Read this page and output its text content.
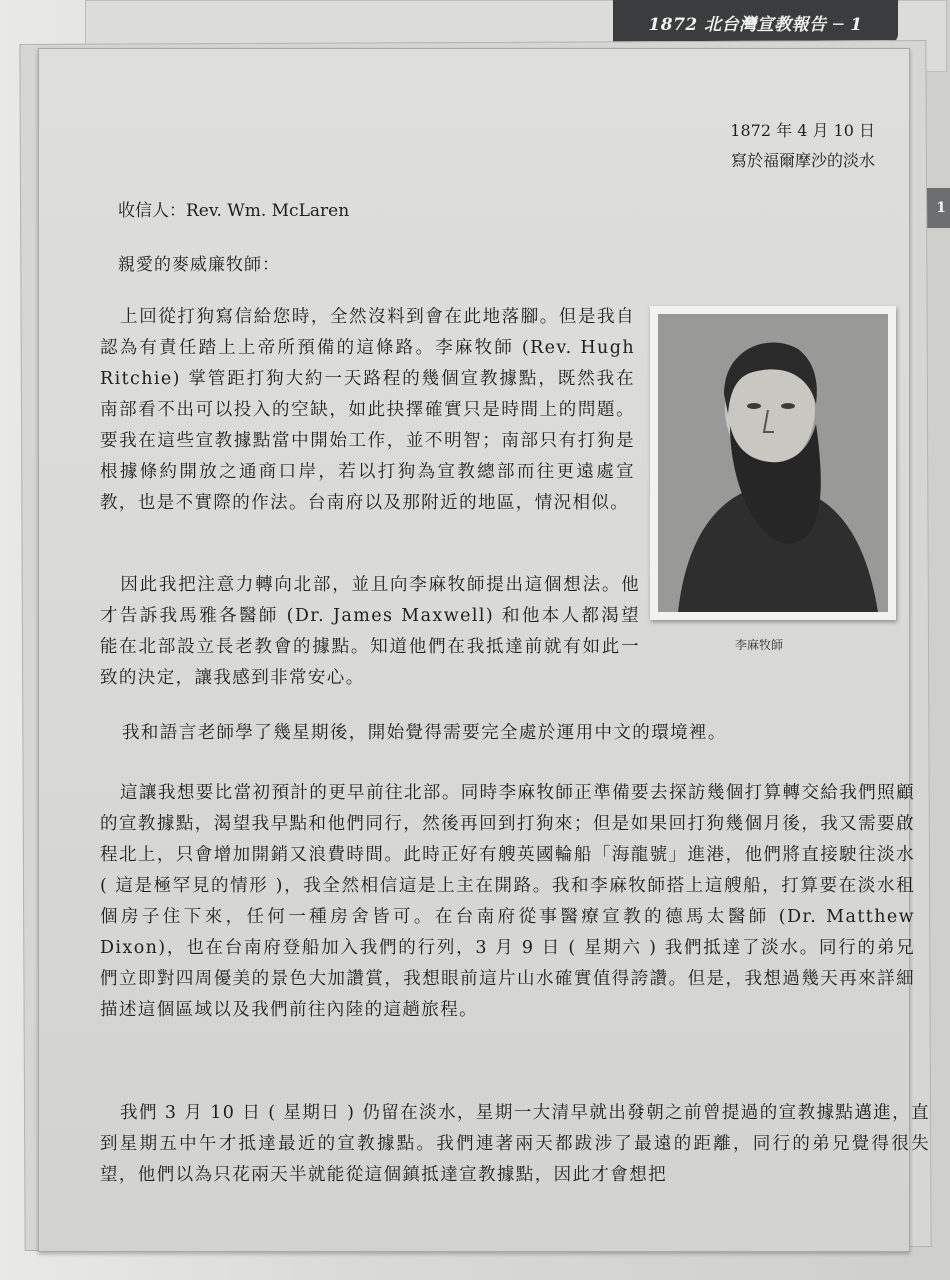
1872 北台灣宣教報告 ─ 1
1
1872 年 4 月 10 日
寫於福爾摩沙的淡水
收信人：Rev. Wm. McLaren
親愛的麥威廉牧師：

上回從打狗寫信給您時，全然沒料到會在此地落腳。但是我自認為有責任踏上上帝所預備的這條路。李麻牧師 (Rev. Hugh Ritchie) 掌管距打狗大約一天路程的幾個宣教據點，既然我在南部看不出可以投入的空缺，如此抉擇確實只是時間上的問題。要我在這些宣教據點當中開始工作，並不明智；南部只有打狗是根據條約開放之通商口岸，若以打狗為宣教總部而往更遠處宣教，也是不實際的作法。台南府以及那附近的地區，情況相似。

因此我把注意力轉向北部，並且向李麻牧師提出這個想法。他才告訴我馬雅各醫師 (Dr. James Maxwell) 和他本人都渴望能在北部設立長老教會的據點。知道他們在我抵達前就有如此一致的決定，讓我感到非常安心。

我和語言老師學了幾星期後，開始覺得需要完全處於運用中文的環境裡。

這讓我想要比當初預計的更早前往北部。同時李麻牧師正準備要去探訪幾個打算轉交給我們照顧的宣教據點，渴望我早點和他們同行，然後再回到打狗來；但是如果回打狗幾個月後，我又需要啟程北上，只會增加開銷又浪費時間。此時正好有艘英國輪船「海龍號」進港，他們將直接駛往淡水 ( 這是極罕見的情形 )，我全然相信這是上主在開路。我和李麻牧師搭上這艘船，打算要在淡水租個房子住下來，任何一種房舍皆可。在台南府從事醫療宣教的德馬太醫師 (Dr. Matthew Dixon)，也在台南府登船加入我們的行列，3 月 9 日 ( 星期六 ) 我們抵達了淡水。同行的弟兄們立即對四周優美的景色大加讚賞，我想眼前這片山水確實值得誇讚。但是，我想過幾天再來詳細描述這個區域以及我們前往內陸的這趟旅程。

我們 3 月 10 日 ( 星期日 ) 仍留在淡水，星期一大清早就出發朝之前曾提過的宣教據點邁進，直到星期五中午才抵達最近的宣教據點。我們連著兩天都跋涉了最遠的距離，同行的弟兄覺得很失望，他們以為只花兩天半就能從這個鎮抵達宣教據點，因此才會想把

李麻牧師
